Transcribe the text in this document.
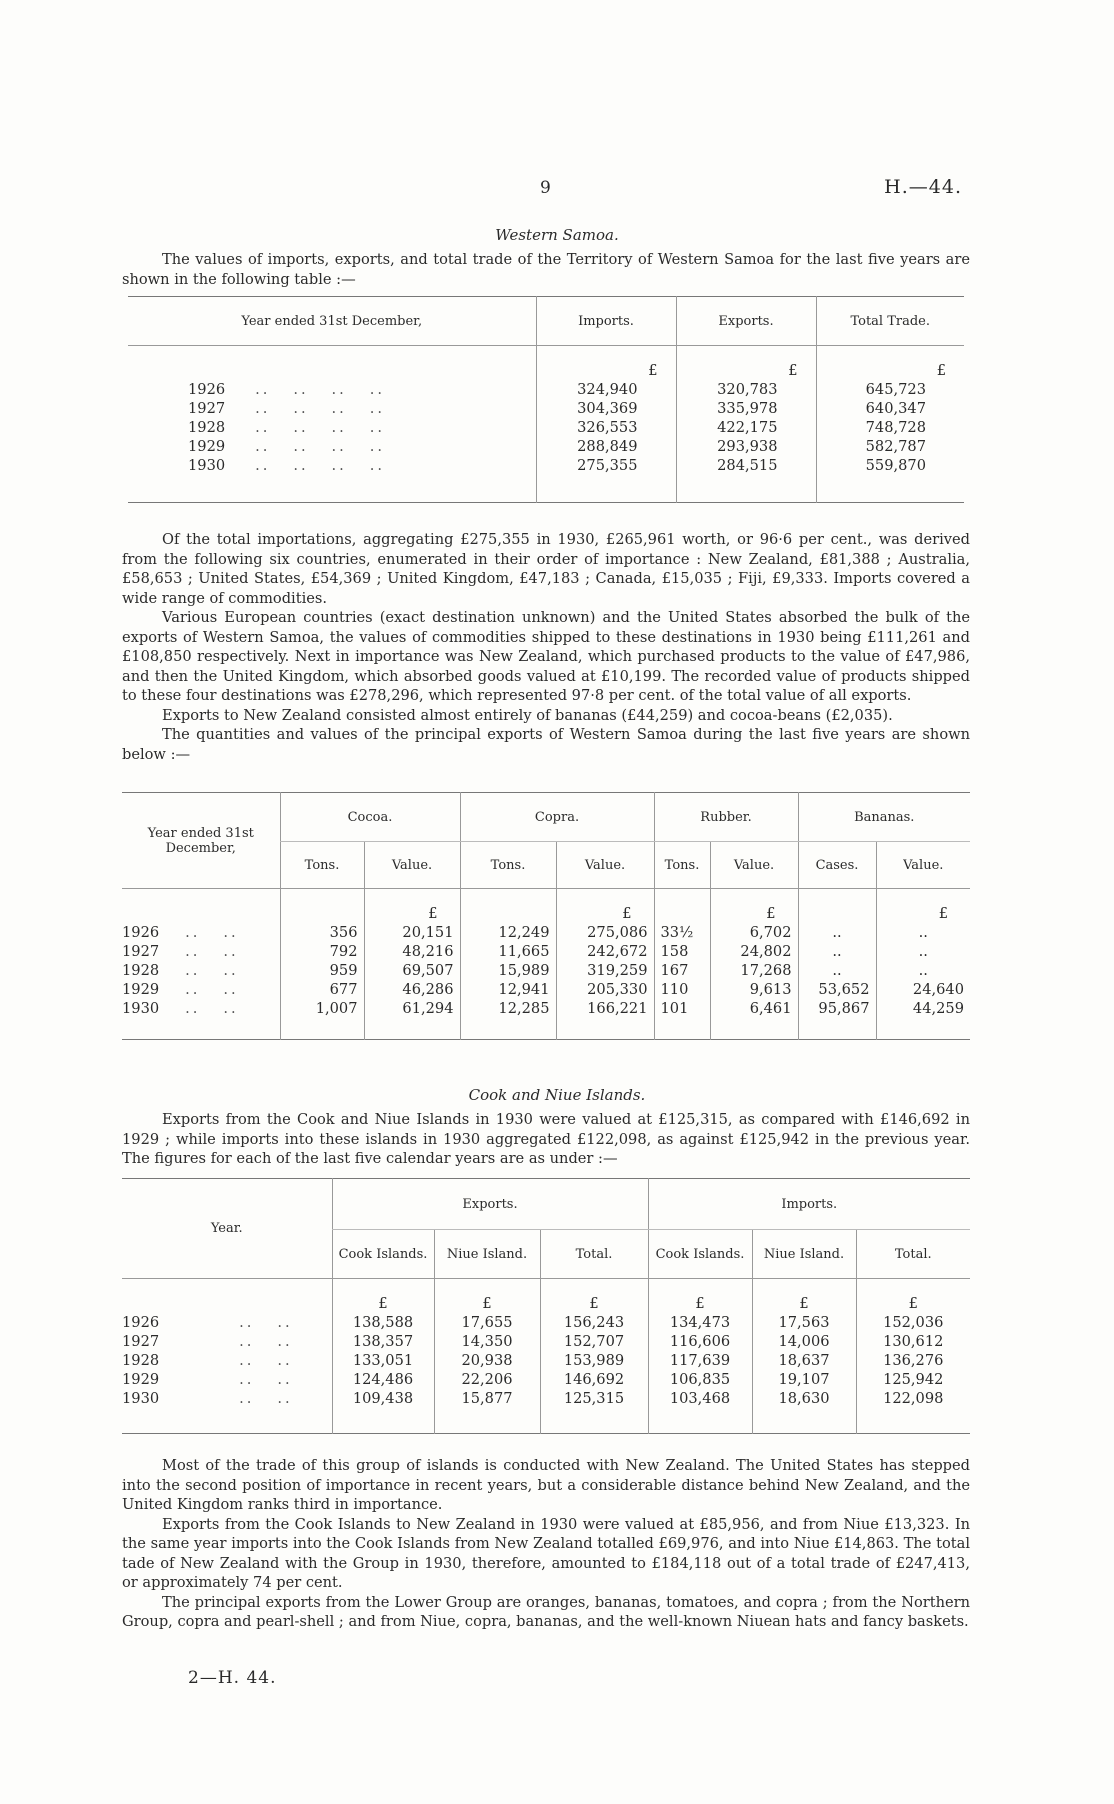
9	H.—44.
Western Samoa.

The values of imports, exports, and total trade of the Territory of Western Samoa for the last five years are shown in the following table :—

Year ended 31st December,	Imports.	Exports.	Total Trade.
	£	£	£
1926 ..   ..   ..   ..	324,940	320,783	645,723
1927 ..   ..   ..   ..	304,369	335,978	640,347
1928 ..   ..   ..   ..	326,553	422,175	748,728
1929 ..   ..   ..   ..	288,849	293,938	582,787
1930 ..   ..   ..   ..	275,355	284,515	559,870

Of the total importations, aggregating £275,355 in 1930, £265,961 worth, or 96·6 per cent., was derived from the following six countries, enumerated in their order of importance : New Zealand, £81,388 ; Australia, £58,653 ; United States, £54,369 ; United Kingdom, £47,183 ; Canada, £15,035 ; Fiji, £9,333. Imports covered a wide range of commodities.

Various European countries (exact destination unknown) and the United States absorbed the bulk of the exports of Western Samoa, the values of commodities shipped to these destinations in 1930 being £111,261 and £108,850 respectively. Next in importance was New Zealand, which purchased products to the value of £47,986, and then the United Kingdom, which absorbed goods valued at £10,199. The recorded value of products shipped to these four destinations was £278,296, which represented 97·8 per cent. of the total value of all exports.

Exports to New Zealand consisted almost entirely of bananas (£44,259) and cocoa-beans (£2,035).

The quantities and values of the principal exports of Western Samoa during the last five years are shown below :—

Year ended 31st December,	Cocoa.		Copra.		Rubber.		Bananas.	
	Tons.	Value.	Tons.	Value.	Tons.	Value.	Cases.	Value.
		£		£		£		£
1926 ..   ..	356	20,151	12,249	275,086	33½	6,702	..	..
1927 ..   ..	792	48,216	11,665	242,672	158	24,802	..	..
1928 ..   ..	959	69,507	15,989	319,259	167	17,268	..	..
1929 ..   ..	677	46,286	12,941	205,330	110	9,613	53,652	24,640
1930 ..   ..	1,007	61,294	12,285	166,221	101	6,461	95,867	44,259

Cook and Niue Islands.

Exports from the Cook and Niue Islands in 1930 were valued at £125,315, as compared with £146,692 in 1929 ; while imports into these islands in 1930 aggregated £122,098, as against £125,942 in the previous year. The figures for each of the last five calendar years are as under :—

Year.	Exports.			Imports.		
	Cook Islands.	Niue Island.	Total.	Cook Islands.	Niue Island.	Total.
	£	£	£	£	£	£
1926 ..   ..	138,588	17,655	156,243	134,473	17,563	152,036
1927 ..   ..	138,357	14,350	152,707	116,606	14,006	130,612
1928 ..   ..	133,051	20,938	153,989	117,639	18,637	136,276
1929 ..   ..	124,486	22,206	146,692	106,835	19,107	125,942
1930 ..   ..	109,438	15,877	125,315	103,468	18,630	122,098

Most of the trade of this group of islands is conducted with New Zealand. The United States has stepped into the second position of importance in recent years, but a considerable distance behind New Zealand, and the United Kingdom ranks third in importance.

Exports from the Cook Islands to New Zealand in 1930 were valued at £85,956, and from Niue £13,323. In the same year imports into the Cook Islands from New Zealand totalled £69,976, and into Niue £14,863. The total tade of New Zealand with the Group in 1930, therefore, amounted to £184,118 out of a total trade of £247,413, or approximately 74 per cent.

The principal exports from the Lower Group are oranges, bananas, tomatoes, and copra ; from the Northern Group, copra and pearl-shell ; and from Niue, copra, bananas, and the well-known Niuean hats and fancy baskets.

2—H. 44.
